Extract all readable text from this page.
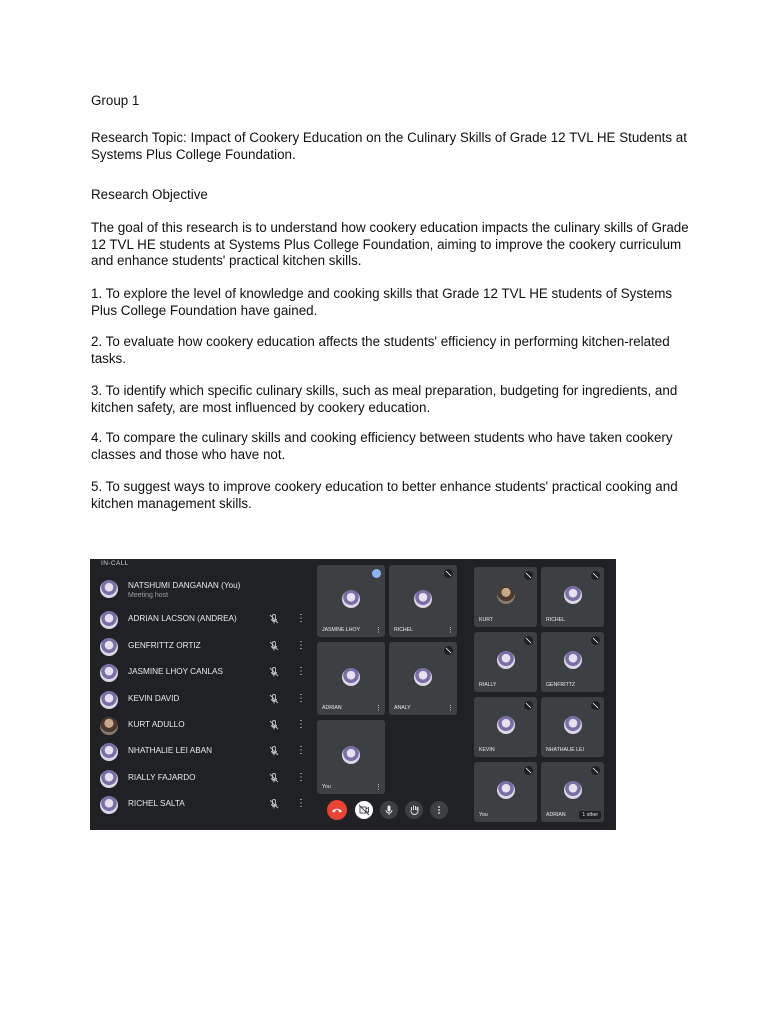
Group 1

Research Topic: Impact of Cookery Education on the Culinary Skills of Grade 12 TVL HE Students at Systems Plus College Foundation.

Research Objective

The goal of this research is to understand how cookery education impacts the culinary skills of Grade 12 TVL HE students at Systems Plus College Foundation, aiming to improve the cookery curriculum and enhance students' practical kitchen skills.

1. To explore the level of knowledge and cooking skills that Grade 12 TVL HE students of Systems Plus College Foundation have gained.

2. To evaluate how cookery education affects the students' efficiency in performing kitchen-related tasks.

3. To identify which specific culinary skills, such as meal preparation, budgeting for ingredients, and kitchen safety, are most influenced by cookery education.

4. To compare the culinary skills and cooking efficiency between students who have taken cookery classes and those who have not.

5. To suggest ways to improve cookery education to better enhance students' practical cooking and kitchen management skills.

IN-CALL
NATSHUMI DANGANAN (You)
Meeting host
ADRIAN LACSON (ANDREA)	⋮
GENFRITTZ ORTIZ	⋮
JASMINE LHOY CANLAS	⋮
KEVIN DAVID	⋮
KURT ADULLO	⋮
NHATHALIE LEI ABAN	⋮
RIALLY FAJARDO	⋮
RICHEL SALTA	⋮
JASMINE LHOY ⋮ RICHEL	⋮
ADRIAN	⋮ ANALY	⋮
You	⋮
KURT	RICHEL
RIALLY	GENFRITTZ
KEVIN	NHATHALIE LEI
You	ADRIAN	1 other
